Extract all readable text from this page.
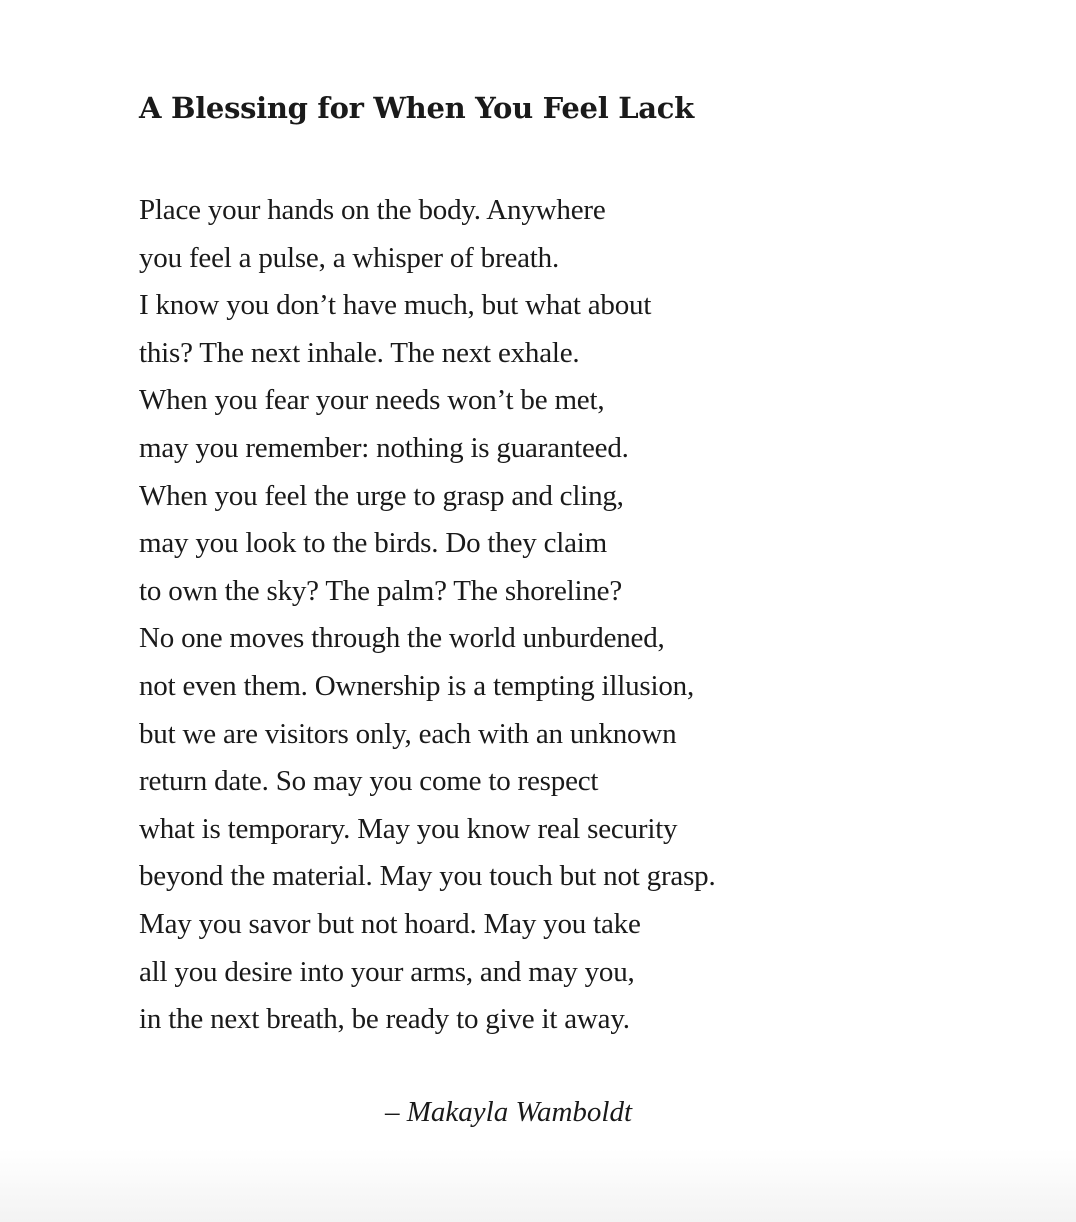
A Blessing for When You Feel Lack
Place your hands on the body. Anywhere
you feel a pulse, a whisper of breath.
I know you don’t have much, but what about
this? The next inhale. The next exhale.
When you fear your needs won’t be met,
may you remember: nothing is guaranteed.
When you feel the urge to grasp and cling,
may you look to the birds. Do they claim
to own the sky? The palm? The shoreline?
No one moves through the world unburdened,
not even them. Ownership is a tempting illusion,
but we are visitors only, each with an unknown
return date. So may you come to respect
what is temporary. May you know real security
beyond the material. May you touch but not grasp.
May you savor but not hoard. May you take
all you desire into your arms, and may you,
in the next breath, be ready to give it away.

– Makayla Wamboldt
